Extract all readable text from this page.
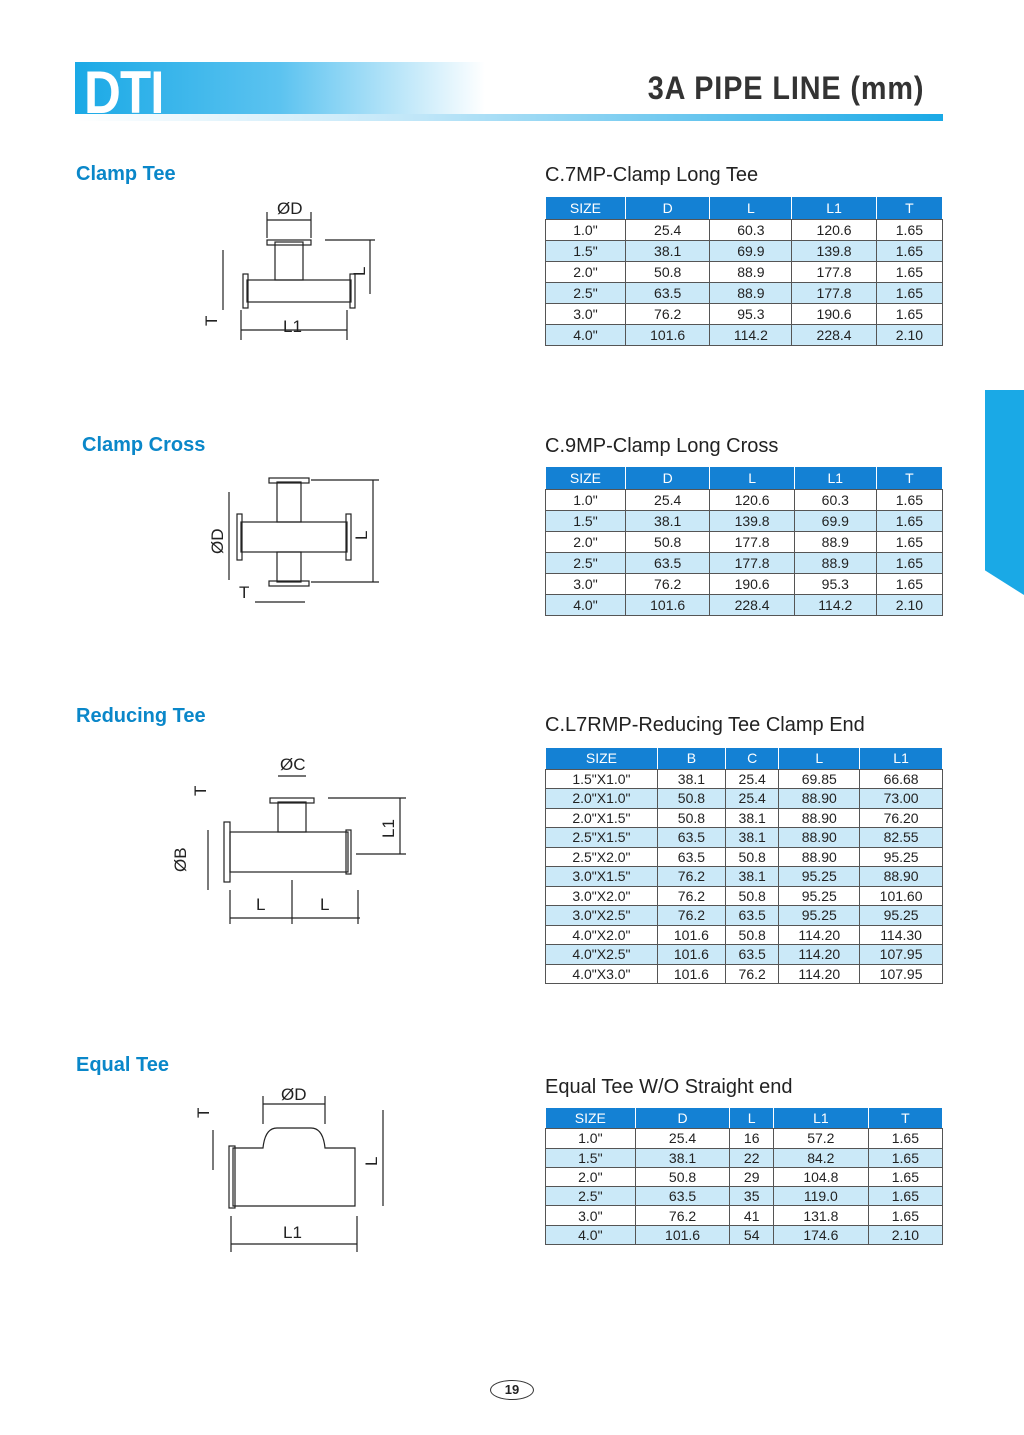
DTI	3A PIPE LINE (mm)
Clamp Tee	C.7MP-Clamp Long Tee
ØD
L
T	L1
SIZE	D	L	L1	T
1.0"	25.4	60.3	120.6	1.65
1.5"	38.1	69.9	139.8	1.65
2.0"	50.8	88.9	177.8	1.65
2.5"	63.5	88.9	177.8	1.65
3.0"	76.2	95.3	190.6	1.65
4.0"	101.6	114.2	228.4	2.10
Clamp Cross	C.9MP-Clamp Long Cross
ØD	L
T
SIZE	D	L	L1	T
1.0"	25.4	120.6	60.3	1.65
1.5"	38.1	139.8	69.9	1.65
2.0"	50.8	177.8	88.9	1.65
2.5"	63.5	177.8	88.9	1.65
3.0"	76.2	190.6	95.3	1.65
4.0"	101.6	228.4	114.2	2.10
Reducing Tee	C.L7RMP-Reducing Tee Clamp End
ØC
T
ØB
L1
L	L
SIZE	B	C	L	L1
1.5"X1.0"	38.1	25.4	69.85	66.68
2.0"X1.0"	50.8	25.4	88.90	73.00
2.0"X1.5"	50.8	38.1	88.90	76.20
2.5"X1.5"	63.5	38.1	88.90	82.55
2.5"X2.0"	63.5	50.8	88.90	95.25
3.0"X1.5"	76.2	38.1	95.25	88.90
3.0"X2.0"	76.2	50.8	95.25	101.60
3.0"X2.5"	76.2	63.5	95.25	95.25
4.0"X2.0"	101.6	50.8	114.20	114.30
4.0"X2.5"	101.6	63.5	114.20	107.95
4.0"X3.0"	101.6	76.2	114.20	107.95
Equal Tee
Equal Tee W/O Straight end
ØD
T
L
L1
SIZE	D	L	L1	T
1.0"	25.4	16	57.2	1.65
1.5"	38.1	22	84.2	1.65
2.0"	50.8	29	104.8	1.65
2.5"	63.5	35	119.0	1.65
3.0"	76.2	41	131.8	1.65
4.0"	101.6	54	174.6	2.10
19
